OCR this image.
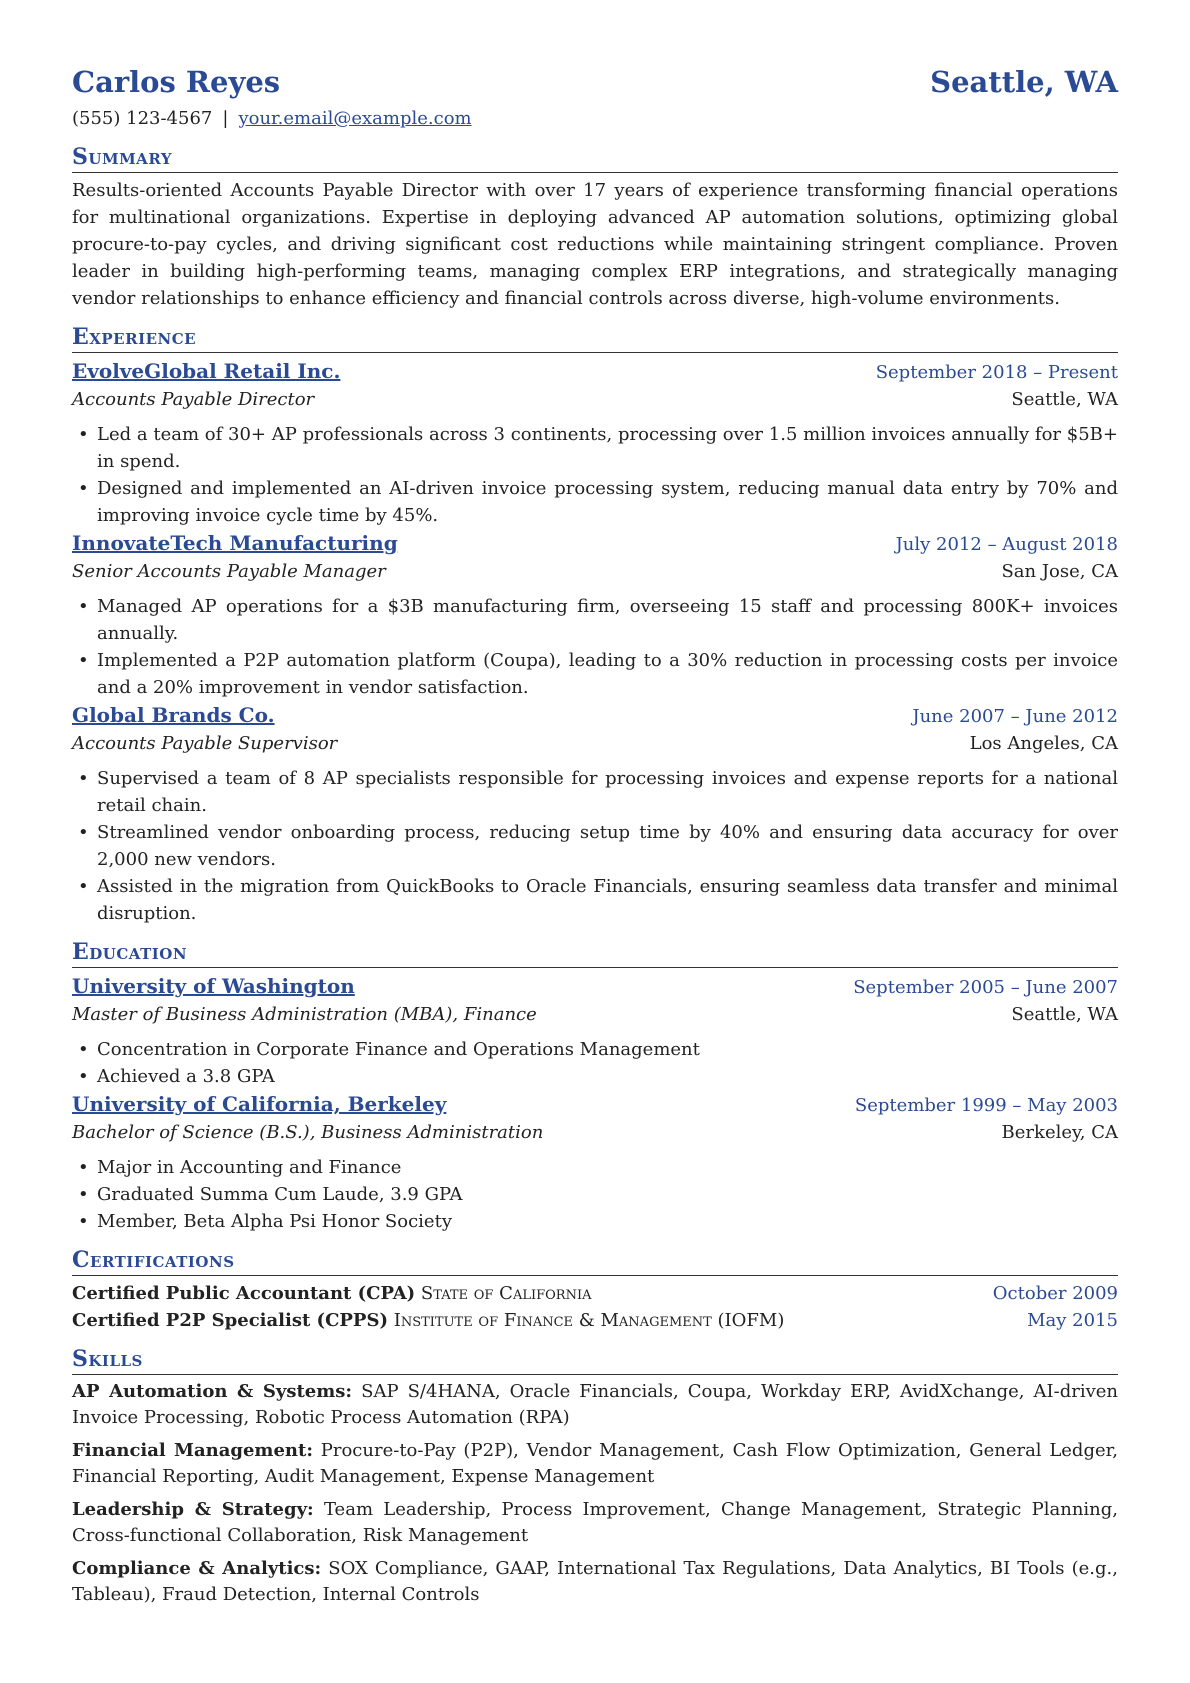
Carlos Reyes	Seattle, WA
(555) 123-4567 | your.email@example.com
Summary
Results-oriented Accounts Payable Director with over 17 years of experience transforming financial operations for multinational organizations. Expertise in deploying advanced AP automation solutions, optimizing global procure-to-pay cycles, and driving significant cost reductions while maintaining stringent compliance. Proven leader in building high-performing teams, managing complex ERP integrations, and strategically managing vendor relationships to enhance efficiency and financial controls across diverse, high-volume environments.
Experience
EvolveGlobal Retail Inc.	September 2018 – Present
Accounts Payable Director	Seattle, WA
• Led a team of 30+ AP professionals across 3 continents, processing over 1.5 million invoices annually for $5B+ in spend.
• Designed and implemented an AI-driven invoice processing system, reducing manual data entry by 70% and improving invoice cycle time by 45%.
InnovateTech Manufacturing	July 2012 – August 2018
Senior Accounts Payable Manager	San Jose, CA
• Managed AP operations for a $3B manufacturing firm, overseeing 15 staff and processing 800K+ invoices annually.
• Implemented a P2P automation platform (Coupa), leading to a 30% reduction in processing costs per invoice and a 20% improvement in vendor satisfaction.
Global Brands Co.	June 2007 – June 2012
Accounts Payable Supervisor	Los Angeles, CA
• Supervised a team of 8 AP specialists responsible for processing invoices and expense reports for a national retail chain.
• Streamlined vendor onboarding process, reducing setup time by 40% and ensuring data accuracy for over 2,000 new vendors.
• Assisted in the migration from QuickBooks to Oracle Financials, ensuring seamless data transfer and minimal disruption.
Education
University of Washington	September 2005 – June 2007
Master of Business Administration (MBA), Finance	Seattle, WA
• Concentration in Corporate Finance and Operations Management
• Achieved a 3.8 GPA
University of California, Berkeley	September 1999 – May 2003
Bachelor of Science (B.S.), Business Administration	Berkeley, CA
• Major in Accounting and Finance
• Graduated Summa Cum Laude, 3.9 GPA
• Member, Beta Alpha Psi Honor Society
Certifications
Certified Public Accountant (CPA) State of California	October 2009
Certified P2P Specialist (CPPS) Institute of Finance & Management (IOFM)	May 2015
Skills
AP Automation & Systems: SAP S/4HANA, Oracle Financials, Coupa, Workday ERP, AvidXchange, AI-driven Invoice Processing, Robotic Process Automation (RPA)
Financial Management: Procure-to-Pay (P2P), Vendor Management, Cash Flow Optimization, General Ledger, Financial Reporting, Audit Management, Expense Management
Leadership & Strategy: Team Leadership, Process Improvement, Change Management, Strategic Planning, Cross-functional Collaboration, Risk Management
Compliance & Analytics: SOX Compliance, GAAP, International Tax Regulations, Data Analytics, BI Tools (e.g., Tableau), Fraud Detection, Internal Controls
